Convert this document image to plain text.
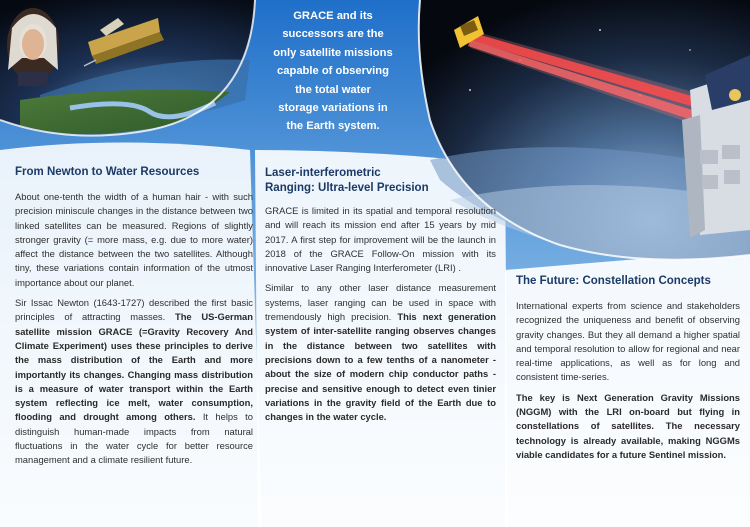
GRACE and its
successors are the
only satellite missions
capable of observing
the total water
storage variations in
the Earth system.
From Newton to Water Resources

About one-tenth the width of a human hair - with such precision miniscule changes in the distance between two linked satellites can be measured. Regions of slightly stronger gravity (= more mass, e.g. due to more water) affect the distance between the two satellites. Although tiny, these variations contain information of the utmost importance about our planet.

Sir Issac Newton (1643-1727) described the first basic principles of attracting masses. The US-German satellite mission GRACE (=Gravity Recovery And Climate Experiment) uses these principles to derive the mass distribution of the Earth and more importantly its changes. Changing mass distribution is a measure of water transport within the Earth system reflecting ice melt, water consumption, flooding and drought among others. It helps to distinguish human-made impacts from natural fluctuations in the water cycle for better resource management and a climate resilient future.

Laser-interferometric
Ranging: Ultra-level Precision

GRACE is limited in its spatial and temporal resolution and will reach its mission end after 15 years by mid 2017. A first step for improvement will be the launch in 2018 of the GRACE Follow-On mission with its innovative Laser Ranging Interferometer (LRI) .

Similar to any other laser distance measurement systems, laser ranging can be used in space with tremendously high precision. This next generation system of inter-satellite ranging observes changes in the distance between two satellites with precisions down to a few tenths of a nanometer - about the size of modern chip conductor paths - precise and sensitive enough to detect even tinier variations in the gravity field of the Earth due to changes in the water cycle.

The Future: Constellation Concepts

International experts from science and stakeholders recognized the uniqueness and benefit of observing gravity changes. But they all demand a higher spatial and temporal resolution to allow for regional and near real-time applications, as well as for long and consistent time-series.

The key is Next Generation Gravity Missions (NGGM) with the LRI on-board but flying in constellations of satellites. The necessary technology is already available, making NGGMs viable candidates for a future Sentinel mission.
